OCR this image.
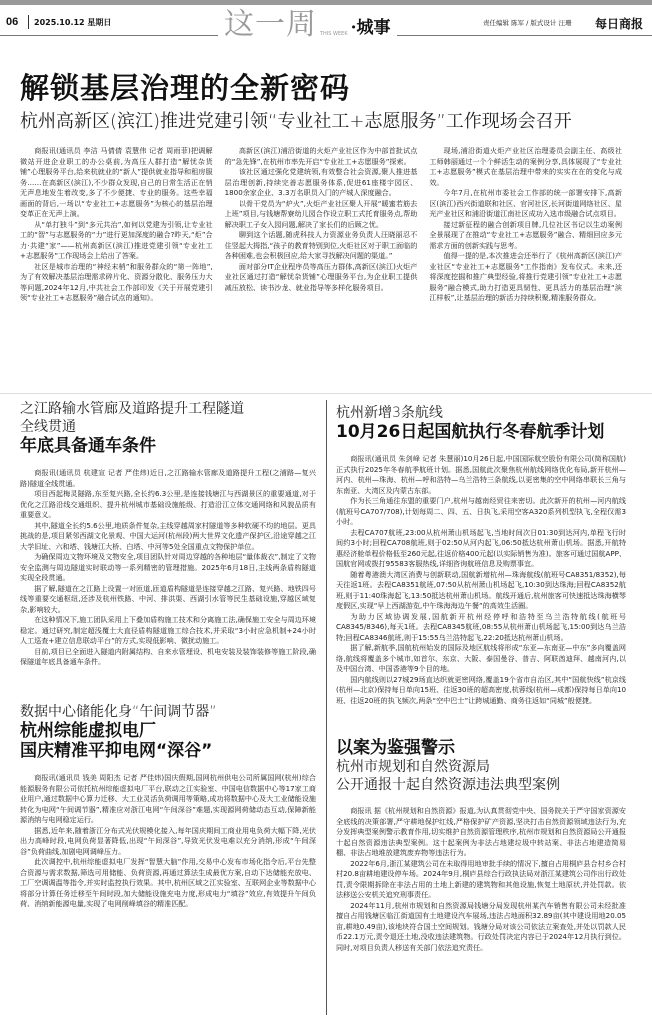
06 2025.10.12 星期日	这一周 THIS WEEK ·城事	责任编辑 陈军 / 版式设计 汪珊 每日商报
解锁基层治理的全新密码
杭州高新区(滨江)推进党建引领“专业社工+志愿服务”工作现场会召开

商报讯(通讯员 李洁 马倩倩 袁慧伟 记者 周雨菲)把调解微站开进企业职工的办公桌前,为高压人群打造“解忧杂货铺”心理服务平台,给来杭就业的“新人”提供就业指导和租房服务……在高新区(滨江),不少群众发现,自己的日常生活正在悄无声息地发生着改变,多了不少便捷、专业的服务。这些幸福画面的背后,一场以“专业社工+志愿服务”为核心的基层治理变革正在无声上演。

从“单打独斗”到“多元共治”,如何以党建为引领,让专业社工的“智”与志愿服务的“力”进行更加深度的融合?昨天,“炬”合力·共建“家”——杭州高新区(滨江)推进党建引领“专业社工+志愿服务”工作现场会上给出了答案。

社区是城市治理的“神经末梢”和服务群众的“第一阵地”,为了有效解决基层治理需求碎片化、资源分散化、服务压力大等问题,2024年12月,中共社会工作部印发《关于开展党建引领“专业社工+志愿服务”融合试点的通知》。

高新区(滨江)浦沿街道的火炬产业社区作为中部首批试点的“急先锋”,在杭州市率先开启“专业社工+志愿服务”探索。

该社区通过强化党建统领,有效整合社会资源,聚人推进基层治理创新,持续完善志愿服务体系,促进61座楼宇园区、1800余家企业、3.3万名职员入门的产城人深度融合。

以骨干党员为“炉火”,火炬产业社区聚人开展“暖蜜若筋去上班”项目,与钱塘帮寮幼儿园合作设立职工式托育服务点,帮助解决职工子女入园问题,解决了家长们的后顾之忧。

聊到这个话题,随虎科技人力资源业务负责人汪晓丽忍不住竖起大拇指,“孩子的教育特别到位,火炬社区对于职工面临的各种困难,也会积极回应,给大家寻找解决问题的渠道。”

面对部分IT企业程序员等高压力群体,高新区(滨江)火炬产业社区通过打造“解忧杂货铺”心理服务平台,为企业职工提供减压放松、读书沙龙、就业指导等多样化服务项目。

现场,浦沿街道火炬产业社区治理委员会副主任、高级社工师韩丽通过一个个鲜活生动的案例分享,具体展现了“专业社工+志愿服务”模式在基层治理中带来的实实在在的变化与成效。

今年7月,在杭州市委社会工作部的统一部署安排下,高新区(滨江)西兴街道联和社区、官河社区,长河街道网络社区、星光产业社区和浦沿街道江南社区成功入选市级融合试点项目。

接过新征程的融合创新项目牌,几位社区书记以生动案例全景展现了在推动“专业社工+志愿服务”融合、精细回应多元需求方面的创新实践与思考。

值得一提的是,本次推进会还举行了《杭州高新区(滨江)产业社区“专业社工+志愿服务”工作指南》发布仪式。未来,还将深度挖掘和推广典型经验,将推行党建引领“专业社工+志愿服务”融合模式,助力打造更具韧性、更具活力的基层治理“滨江样板”,让基层治理的新活力持续积聚,精准服务群众。

之江路输水管廊及道路提升工程隧道
全线贯通
年底具备通车条件

商报讯(通讯员 杭建宣 记者 严佳炜)近日,之江路输水管廊及道路提升工程(之浦路—复兴路)隧道全线贯通。

项目西起梅灵隧路,东至复兴路,全长约6.3公里,是连接钱塘江与西湖景区的重要通道,对于优化之江路沿线交通组织、提升杭州城市基础设施能级、打造沿江立体交通网络和风貌品质有重要意义。

其中,隧道全长约5.6公里,地质条件复杂,主线穿越周家村隧道等多种软硬不均的地层。更具挑战的是,项目紧邻西湖文化景观、中国大运河(杭州段)两大世界文化遗产保护区,沿途穿越之江大学旧址、六和塔、钱塘江大桥、白塔、中河等5处全国重点文物保护单位。

为确保周边文物环境及文物安全,项目团队针对周边穿越的各种地层“量体裁衣”,制定了文物安全监测与周边隧道实时联动等一系列精密的管理措施。2025年6月18日,主线两条盾构隧道实现全段贯通。

据了解,隧道在之江路上设置一对匝道,匝道盾构隧道是连接穿越之江路、复兴路、地铁四号线等重要交通枢纽,还涉及杭州铁路、中河、排洪渠、西湖引水管等民生基础设施,穿越区域复杂,影响较大。

在这种情况下,施工团队采用上下叠加盾构施工技术和分离施工法,确保施工安全与周边环境稳定。通过研究,制定超浅覆土大直径盾构隧道施工综合技术,并采取“3小时应急机制+24小时人工巡查+建立信息联动平台”的方式,实现低影响、微扰动施工。

目前,项目已全面进入隧道内附属结构、自来水管埋设、机电安装及装饰装修等施工阶段,确保隧道年底具备通车条件。

杭州新增3条航线
10月26日起国航执行冬春航季计划

商报讯(通讯员 朱剑峰 记者 朱慧丽)10月26日起,中国国际航空股份有限公司(简称国航)正式执行2025年冬春航季航班计划。据悉,国航此次聚焦杭州航线网络优化布局,新开杭州—河内、杭州—珠海、杭州—呼和浩特—乌兰浩特三条航线,以更密集的空中网络串联长三角与东南亚、大湾区及内蒙古东部。

作为长三角通往东盟的重要门户,杭州与越南经贸往来密切。此次新开的杭州—河内航线(航班号CA707/708),计划每周二、四、五、日执飞,采用空客A320系列机型执飞,全程仅需3小时。

去程CA707航班,23:00从杭州萧山机场起飞,当地时间次日01:30到达河内,单程飞行时间约3小时;回程CA708航班,则于02:50从河内起飞,06:50抵达杭州萧山机场。据悉,开航特惠经济舱单程价格低至260元起,往返价格400元起(以实际销售为准)。旅客可通过国航APP、国航官网或拨打95583客服热线,详细咨询航班信息及购票事宜。

随着粤港澳大湾区消费与创新联动,国航新增杭州—珠海航线(航班号CA8351/8352),每天往返1班。去程CA8351航班,07:50从杭州萧山机场起飞,10:30到达珠海;回程CA8352航班,则于11:40珠海起飞,13:50抵达杭州萧山机场。航线开通后,杭州旅客可快速抵达珠海横琴度假区,实现“早上西湖游览,中午珠海海边午餐”的高效生活圈。

为助力区域协调发展,国航新开杭州经停呼和浩特至乌兰浩特航线(航班号CA8345/8346),每天1班。去程CA8345航班,08:55从杭州萧山机场起飞,15:00到达乌兰浩特;回程CA8346航班,则于15:55乌兰浩特起飞,22:20抵达杭州萧山机场。

据了解,新航季,国航杭州始发的国际及地区航线将形成“东亚—东南亚—中东”多向覆盖网络,航线将覆盖多个城市,如首尔、东京、大阪、泰国曼谷、普吉、阿联酋迪拜、越南河内,以及中国台湾、中国香港等9个目的地。

国内航线则以27城29场直达织就更密网络,覆盖19个省市自治区,其中“国航快线”杭京线(杭州—北京)保持每日单向15班、往返30班的超高密度,杭蓉线(杭州—成都)保持每日单向10班、往返20班的执飞频次,两条“空中巴士”让跨城通勤、商务往返如“同城”般便捷。

数据中心储能化身“午间调节器”
杭州综能虚拟电厂
国庆精准平抑电网“深谷”

商报讯(通讯员 钱美 周阳杰 记者 严佳炜)国庆假期,国网杭州供电公司所属国网(杭州)综合能源服务有限公司依托杭州综能虚拟电厂平台,联动之江实验室、中国电信数据中心等17家工商业用户,通过数据中心算力迁移、大工业灵活负荷调用等策略,成功将数据中心及大工业储能设施转化为电网“午间调节器”,精准应对浙江电网“午间深谷”难题,实现源网荷储动态互动,保障新能源消纳与电网稳定运行。

据悉,近年来,随着浙江分布式光伏规模化接入,每年国庆期间工商业用电负荷大幅下降,光伏出力高峰时段,电网负荷显著降低,出现“午间深谷”,导致光伏发电难以充分消纳,形成“午间深谷”负荷曲线,加剧电网调峰压力。

此次调控中,杭州综能虚拟电厂发挥“智慧大脑”作用,交易中心发布市场化指令后,平台先整合资源与需求数据,筛选可用储能、负荷资源,再通过算法生成最优方案,自动下达储能充放电、工厂空调调温等指令,并实时监控执行效果。其中,杭州区域之江实验室、互联网企业等数据中心将部分计算任务迁移至午间时段,加大储能设施充电力度,形成电力“填谷”效应,有效提升午间负荷、消纳新能源电量,实现了电网削峰填谷的精准匹配。

以案为鉴强警示
杭州市规划和自然资源局
公开通报十起自然资源违法典型案例

商报讯 据《杭州规划和自然资源》报道,为认真贯彻党中央、国务院关于严守国家资源安全底线的决策部署,严守耕地保护红线,严格保护矿产资源,坚决打击自然资源领域违法行为,充分发挥典型案例警示教育作用,切实维护自然资源管理秩序,杭州市规划和自然资源局公开通报十起自然资源违法典型案例。这十起案例为非法占地建垃圾中转站案、非法占地建造简易棚、非法占地堆放建筑废弃物等违法行为。

2022年6月,浙江某建筑公司在未取得用地审批手续的情况下,擅自占用桐庐县合村乡合村村20.8亩耕地建设停车场。2024年9月,桐庐县综合行政执法局对浙江某建筑公司作出行政处罚,责令限期拆除在非法占用的土地上新建的建筑物和其他设施,恢复土地原状,并处罚款。依法移送公安机关追究刑事责任。

2024年11月,杭州市规划和自然资源局钱塘分局发现杭州某汽车销售有限公司未经批准擅自占用钱塘区临江街道国有土地建设汽车展场,违法占地面积32.89亩(其中建设用地20.05亩,耕地0.49亩),该地块符合国土空间规划。钱塘分局对该公司依法立案查处,并处以罚款人民币22.1万元,责令退还土地,没收违法建筑物。行政处罚决定内容已于2024年12月执行到位。同时,对项目负责人移送有关部门依法追究责任。
